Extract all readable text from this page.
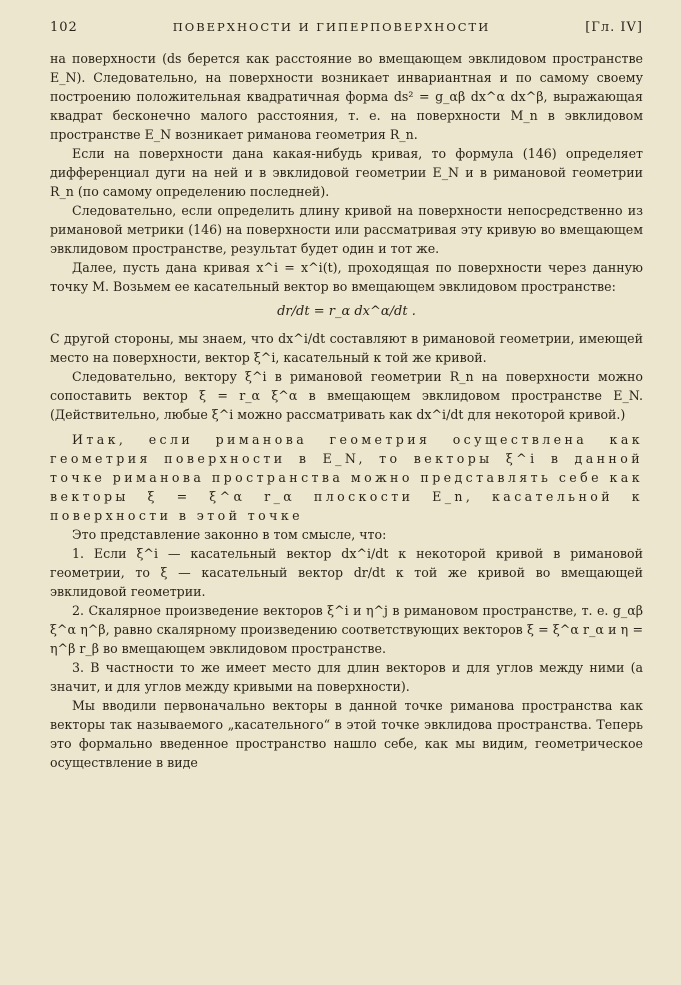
102	ПОВЕРХНОСТИ И ГИПЕРПОВЕРХНОСТИ	[Гл. IV]

на поверхности (ds берется как расстояние во вмещающем эвклидовом пространстве E_N). Следовательно, на поверхности возникает инвариантная и по самому своему построению положительная квадратичная форма ds² = g_αβ dx^α dx^β, выражающая квадрат бесконечно малого расстояния, т. е. на поверхности M_n в эвклидовом пространстве E_N возникает риманова геометрия R_n.

Если на поверхности дана какая-нибудь кривая, то формула (146) определяет дифференциал дуги на ней и в эвклидовой геометрии E_N и в римановой геометрии R_n (по самому определению последней).

Следовательно, если определить длину кривой на поверхности непосредственно из римановой метрики (146) на поверхности или рассматривая эту кривую во вмещающем эвклидовом пространстве, результат будет один и тот же.

Далее, пусть дана кривая x^i = x^i(t), проходящая по поверхности через данную точку M. Возьмем ее касательный вектор во вмещающем эвклидовом пространстве:

dr/dt = r_α dx^α/dt .

С другой стороны, мы знаем, что dx^i/dt составляют в римановой геометрии, имеющей место на поверхности, вектор ξ^i, касательный к той же кривой.

Следовательно, вектору ξ^i в римановой геометрии R_n на поверхности можно сопоставить вектор ξ = r_α ξ^α в вмещающем эвклидовом пространстве E_N. (Действительно, любые ξ^i можно рассматривать как dx^i/dt для некоторой кривой.)

Итак, если риманова геометрия осуществлена как геометрия поверхности в E_N, то векторы ξ^i в данной точке риманова пространства можно представлять себе как векторы ξ = ξ^α r_α плоскости E_n, касательной к поверхности в этой точке

Это представление законно в том смысле, что:

1. Если ξ^i — касательный вектор dx^i/dt к некоторой кривой в римановой геометрии, то ξ — касательный вектор dr/dt к той же кривой во вмещающей эвклидовой геометрии.

2. Скалярное произведение векторов ξ^i и η^j в римановом пространстве, т. е. g_αβ ξ^α η^β, равно скалярному произведению соответствующих векторов ξ = ξ^α r_α и η = η^β r_β во вмещающем эвклидовом пространстве.

3. В частности то же имеет место для длин векторов и для углов между ними (а значит, и для углов между кривыми на поверхности).

Мы вводили первоначально векторы в данной точке риманова пространства как векторы так называемого „касательного“ в этой точке эвклидова пространства. Теперь это формально введенное пространство нашло себе, как мы видим, геометрическое осуществление в виде
